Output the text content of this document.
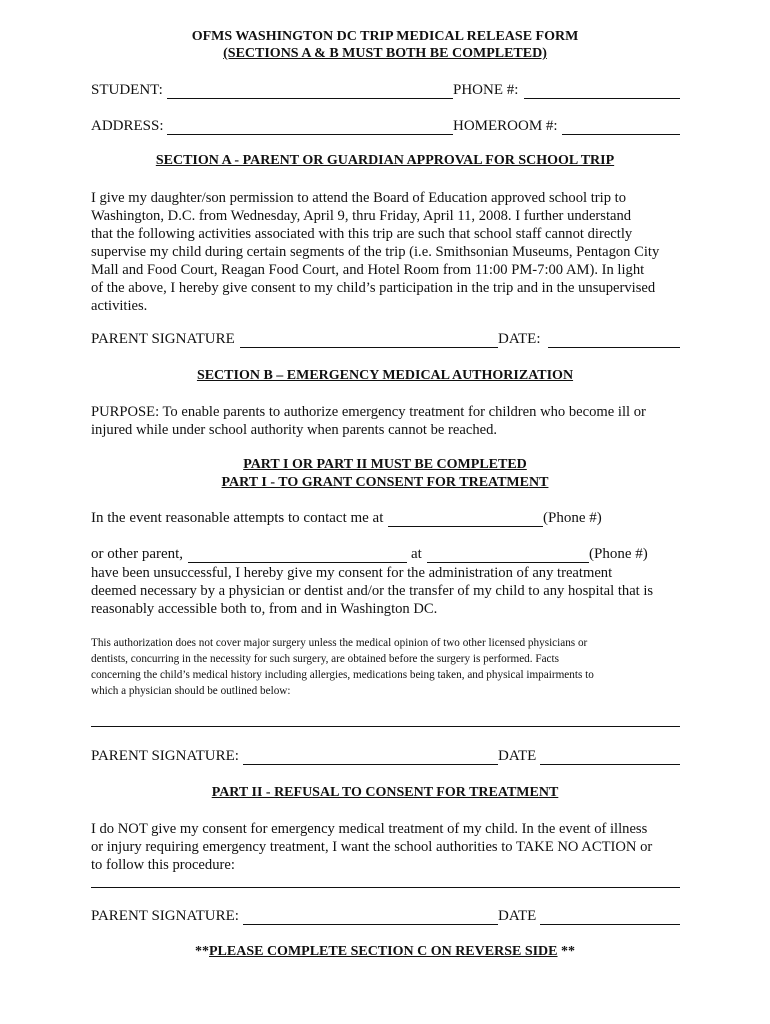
OFMS WASHINGTON DC TRIP MEDICAL RELEASE FORM
(SECTIONS A & B MUST BOTH BE COMPLETED)
STUDENT:	PHONE #:
ADDRESS:	HOMEROOM #:
SECTION A - PARENT OR GUARDIAN APPROVAL FOR SCHOOL TRIP
I give my daughter/son permission to attend the Board of Education approved school trip to
Washington, D.C. from Wednesday, April 9, thru Friday, April 11, 2008. I further understand
that the following activities associated with this trip are such that school staff cannot directly
supervise my child during certain segments of the trip (i.e. Smithsonian Museums, Pentagon City
Mall and Food Court, Reagan Food Court, and Hotel Room from 11:00 PM-7:00 AM). In light
of the above, I hereby give consent to my child’s participation in the trip and in the unsupervised
activities.
PARENT SIGNATURE	DATE:
SECTION B – EMERGENCY MEDICAL AUTHORIZATION
PURPOSE: To enable parents to authorize emergency treatment for children who become ill or
injured while under school authority when parents cannot be reached.
PART I OR PART II MUST BE COMPLETED
PART I - TO GRANT CONSENT FOR TREATMENT
In the event reasonable attempts to contact me at	(Phone #)
or other parent,	at	(Phone #)
have been unsuccessful, I hereby give my consent for the administration of any treatment
deemed necessary by a physician or dentist and/or the transfer of my child to any hospital that is
reasonably accessible both to, from and in Washington DC.
This authorization does not cover major surgery unless the medical opinion of two other licensed physicians or
dentists, concurring in the necessity for such surgery, are obtained before the surgery is performed. Facts
concerning the child’s medical history including allergies, medications being taken, and physical impairments to
which a physician should be outlined below:
PARENT SIGNATURE:	DATE
PART II - REFUSAL TO CONSENT FOR TREATMENT
I do NOT give my consent for emergency medical treatment of my child. In the event of illness
or injury requiring emergency treatment, I want the school authorities to TAKE NO ACTION or
to follow this procedure:
PARENT SIGNATURE:	DATE
**PLEASE COMPLETE SECTION C ON REVERSE SIDE **
